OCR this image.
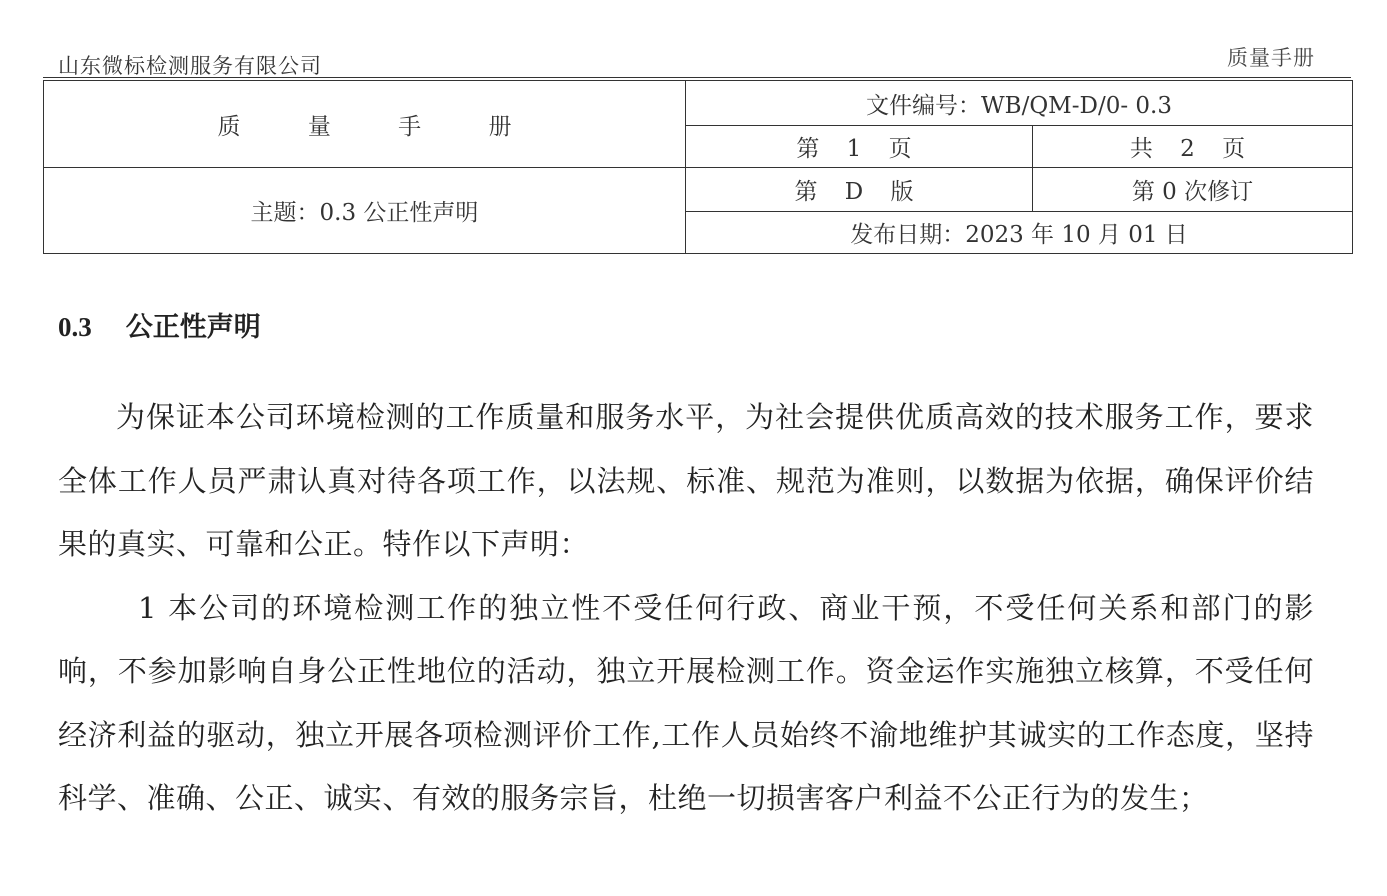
山东微标检测服务有限公司	质量手册
质 量 手 册	文件编号：WB/QM-D/0- 0.3	
	第 1 页	共 2 页
主题：0.3 公正性声明	第 D 版	第 0 次修订
	发布日期：2023 年 10 月 01 日	
0.3 公正性声明

为保证本公司环境检测的工作质量和服务水平，为社会提供优质高效的技术服务工作，要求全体工作人员严肃认真对待各项工作，以法规、标准、规范为准则，以数据为依据，确保评价结果的真实、可靠和公正。特作以下声明：

1 本公司的环境检测工作的独立性不受任何行政、商业干预，不受任何关系和部门的影响，不参加影响自身公正性地位的活动，独立开展检测工作。资金运作实施独立核算，不受任何经济利益的驱动，独立开展各项检测评价工作,工作人员始终不渝地维护其诚实的工作态度，坚持科学、准确、公正、诚实、有效的服务宗旨，杜绝一切损害客户利益不公正行为的发生；
